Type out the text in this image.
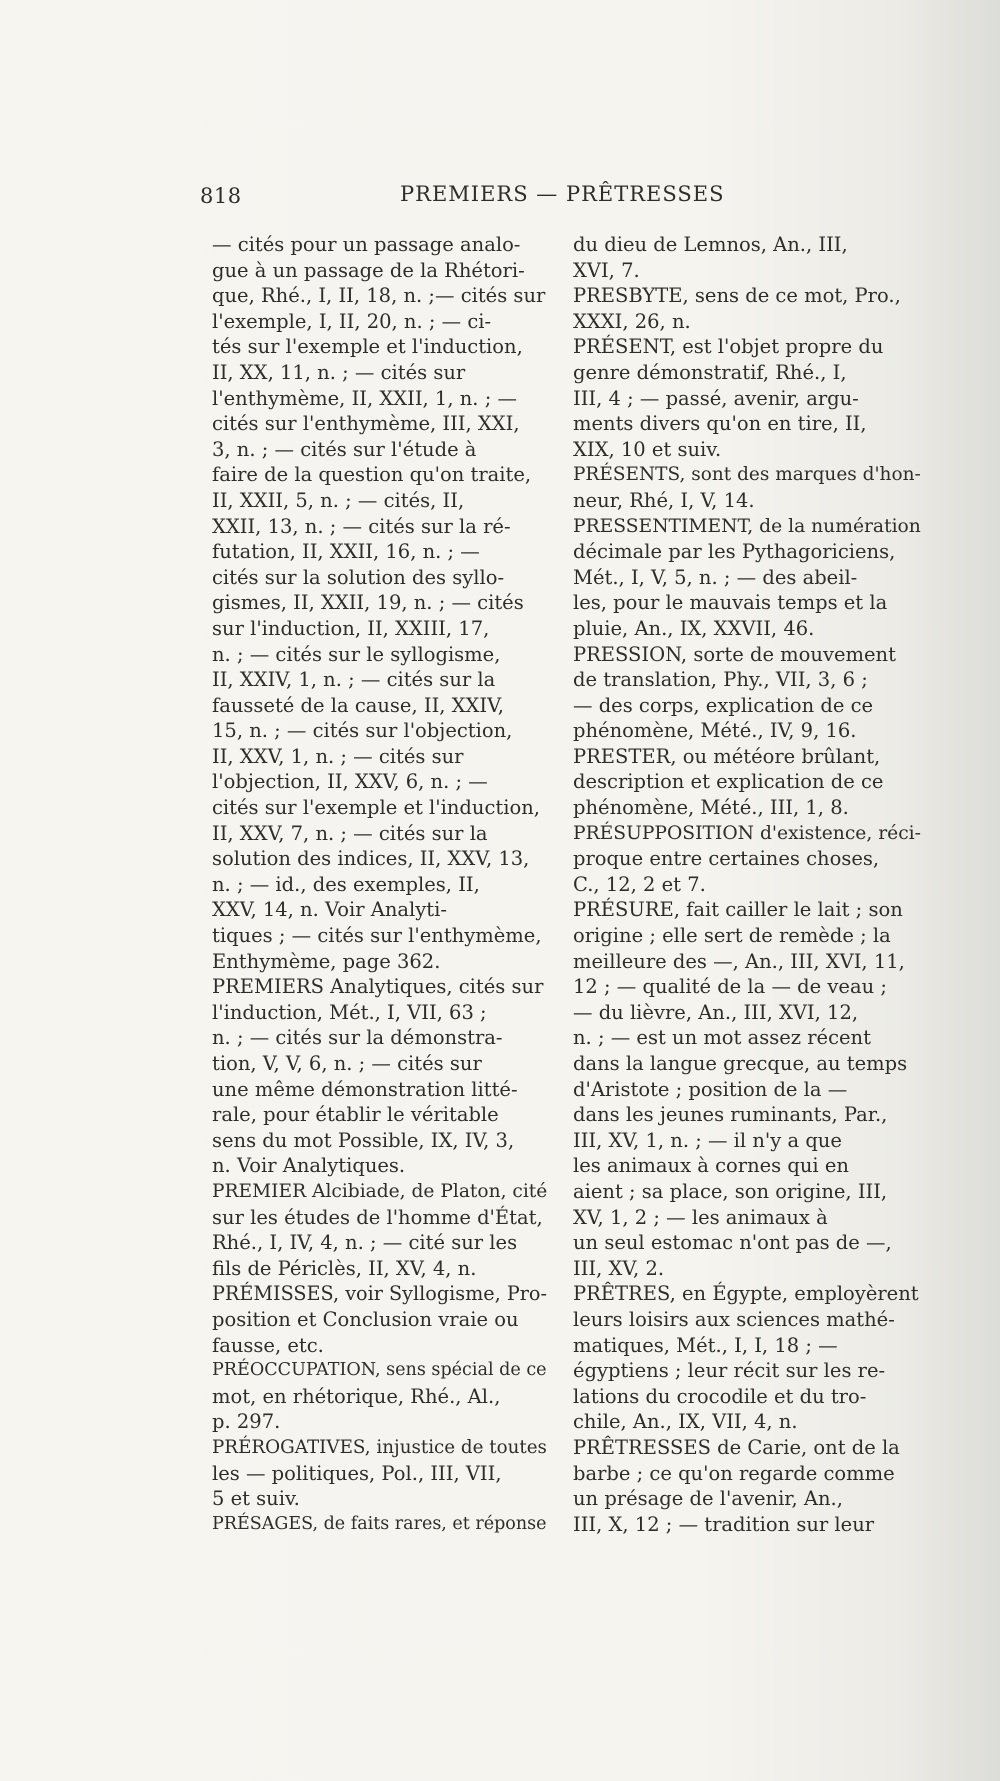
818	PREMIERS — PRÊTRESSES
— cités pour un passage analo-
gue à un passage de la Rhétori-
que, Rhé., I, II, 18, n. ;— cités sur
l'exemple, I, II, 20, n. ; — ci-
tés sur l'exemple et l'induction,
II, XX, 11, n. ; — cités sur
l'enthymème, II, XXII, 1, n. ; —
cités sur l'enthymème, III, XXI,
3, n. ; — cités sur l'étude à
faire de la question qu'on traite,
II, XXII, 5, n. ; — cités, II,
XXII, 13, n. ; — cités sur la ré-
futation, II, XXII, 16, n. ; —
cités sur la solution des syllo-
gismes, II, XXII, 19, n. ; — cités
sur l'induction, II, XXIII, 17,
n. ; — cités sur le syllogisme,
II, XXIV, 1, n. ; — cités sur la
fausseté de la cause, II, XXIV,
15, n. ; — cités sur l'objection,
II, XXV, 1, n. ; — cités sur
l'objection, II, XXV, 6, n. ; —
cités sur l'exemple et l'induction,
II, XXV, 7, n. ; — cités sur la
solution des indices, II, XXV, 13,
n. ; — id., des exemples, II,
XXV, 14, n. Voir Analyti-
tiques ; — cités sur l'enthymème,
Enthymème, page 362.
PREMIERS Analytiques, cités sur
l'induction, Mét., I, VII, 63 ;
n. ; — cités sur la démonstra-
tion, V, V, 6, n. ; — cités sur
une même démonstration litté-
rale, pour établir le véritable
sens du mot Possible, IX, IV, 3,
n. Voir Analytiques.
PREMIER Alcibiade, de Platon, cité
sur les études de l'homme d'État,
Rhé., I, IV, 4, n. ; — cité sur les
fils de Périclès, II, XV, 4, n.
PRÉMISSES, voir Syllogisme, Pro-
position et Conclusion vraie ou
fausse, etc.
PRÉOCCUPATION, sens spécial de ce
mot, en rhétorique, Rhé., Al.,
p. 297.
PRÉROGATIVES, injustice de toutes
les — politiques, Pol., III, VII,
5 et suiv.
PRÉSAGES, de faits rares, et réponse
du dieu de Lemnos, An., III,
XVI, 7.
PRESBYTE, sens de ce mot, Pro.,
XXXI, 26, n.
PRÉSENT, est l'objet propre du
genre démonstratif, Rhé., I,
III, 4 ; — passé, avenir, argu-
ments divers qu'on en tire, II,
XIX, 10 et suiv.
PRÉSENTS, sont des marques d'hon-
neur, Rhé, I, V, 14.
PRESSENTIMENT, de la numération
décimale par les Pythagoriciens,
Mét., I, V, 5, n. ; — des abeil-
les, pour le mauvais temps et la
pluie, An., IX, XXVII, 46.
PRESSION, sorte de mouvement
de translation, Phy., VII, 3, 6 ;
— des corps, explication de ce
phénomène, Mété., IV, 9, 16.
PRESTER, ou météore brûlant,
description et explication de ce
phénomène, Mété., III, 1, 8.
PRÉSUPPOSITION d'existence, réci-
proque entre certaines choses,
C., 12, 2 et 7.
PRÉSURE, fait cailler le lait ; son
origine ; elle sert de remède ; la
meilleure des —, An., III, XVI, 11,
12 ; — qualité de la — de veau ;
— du lièvre, An., III, XVI, 12,
n. ; — est un mot assez récent
dans la langue grecque, au temps
d'Aristote ; position de la —
dans les jeunes ruminants, Par.,
III, XV, 1, n. ; — il n'y a que
les animaux à cornes qui en
aient ; sa place, son origine, III,
XV, 1, 2 ; — les animaux à
un seul estomac n'ont pas de —,
III, XV, 2.
PRÊTRES, en Égypte, employèrent
leurs loisirs aux sciences mathé-
matiques, Mét., I, I, 18 ; —
égyptiens ; leur récit sur les re-
lations du crocodile et du tro-
chile, An., IX, VII, 4, n.
PRÊTRESSES de Carie, ont de la
barbe ; ce qu'on regarde comme
un présage de l'avenir, An.,
III, X, 12 ; — tradition sur leur
